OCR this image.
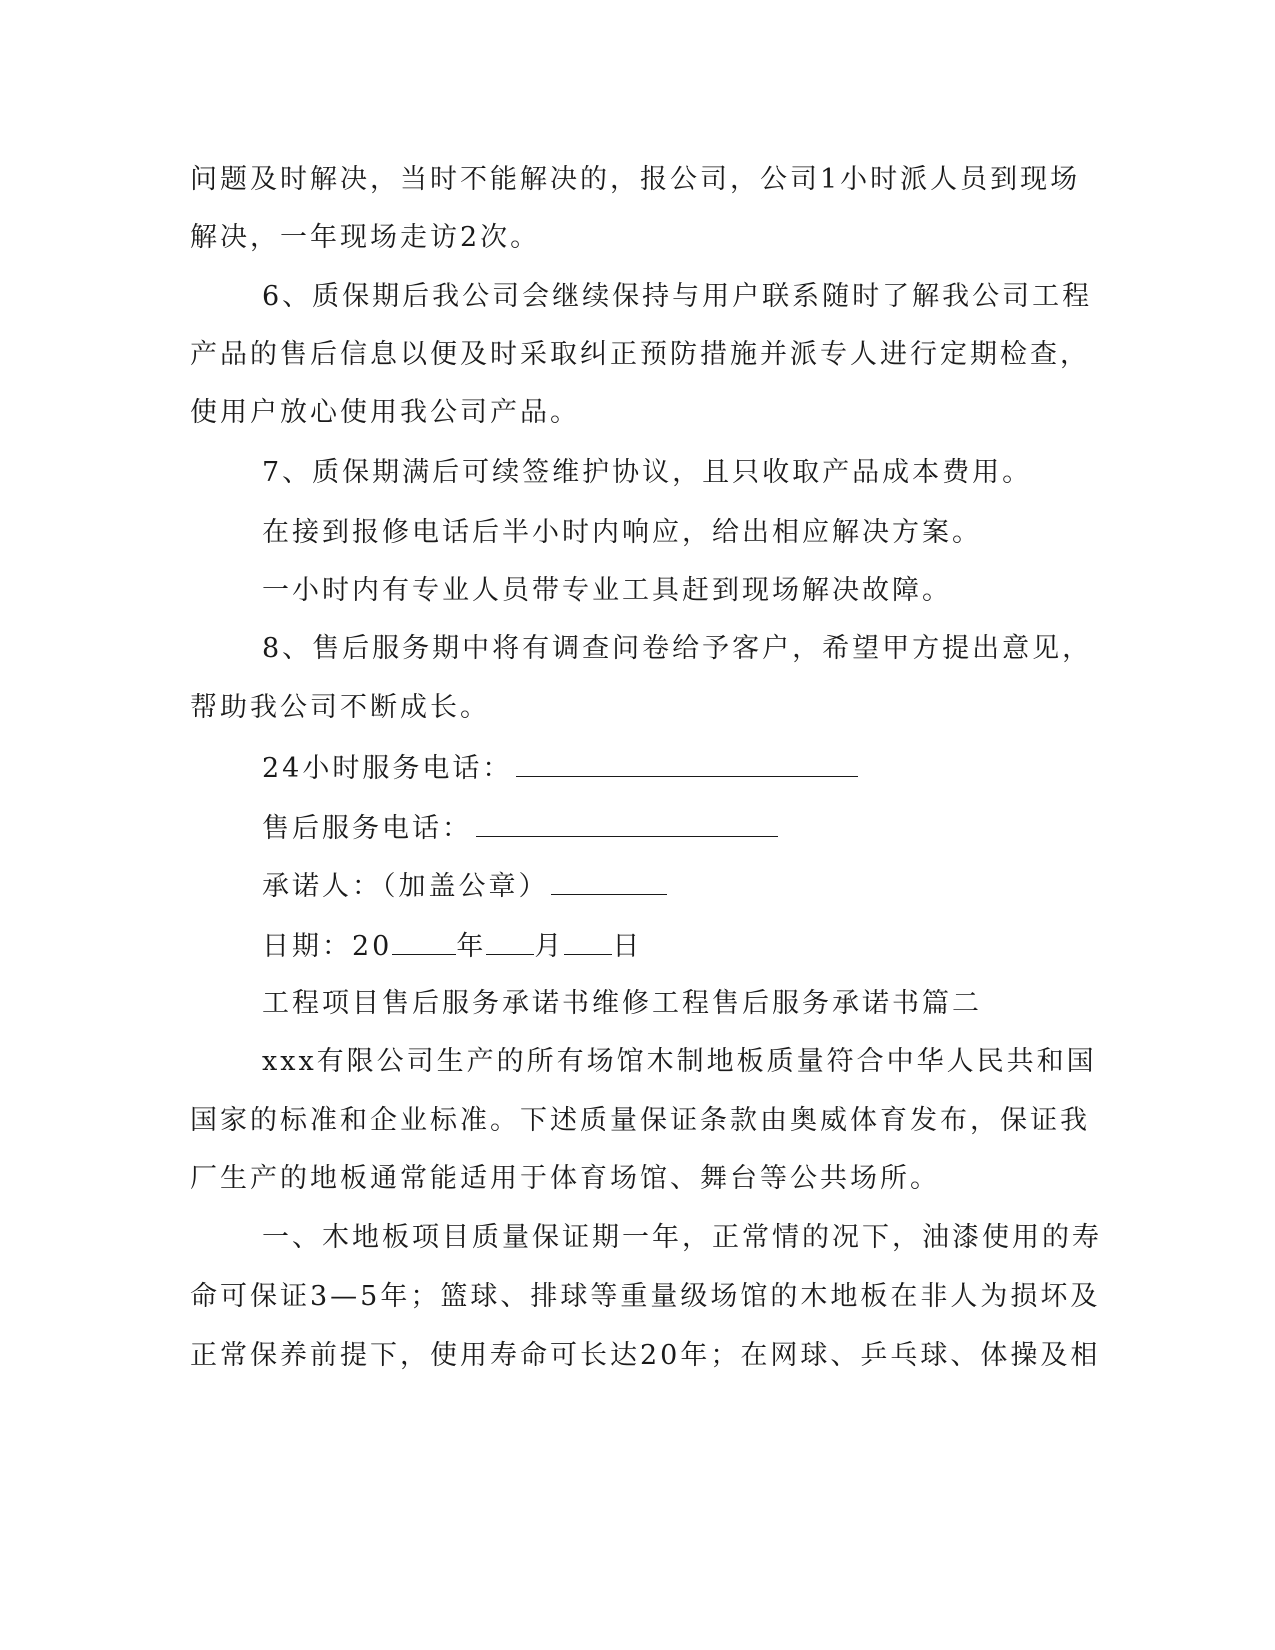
问题及时解决，当时不能解决的，报公司，公司1小时派人员到现场
解决，一年现场走访2次。
6、质保期后我公司会继续保持与用户联系随时了解我公司工程
产品的售后信息以便及时采取纠正预防措施并派专人进行定期检查，
使用户放心使用我公司产品。
7、质保期满后可续签维护协议，且只收取产品成本费用。
在接到报修电话后半小时内响应，给出相应解决方案。
一小时内有专业人员带专业工具赶到现场解决故障。
8、售后服务期中将有调查问卷给予客户，希望甲方提出意见，
帮助我公司不断成长。
24小时服务电话：
售后服务电话：
承诺人：（加盖公章）
日期：20 年 月 日
工程项目售后服务承诺书维修工程售后服务承诺书篇二
xxx有限公司生产的所有场馆木制地板质量符合中华人民共和国
国家的标准和企业标准。下述质量保证条款由奥威体育发布，保证我
厂生产的地板通常能适用于体育场馆、舞台等公共场所。
一、木地板项目质量保证期一年，正常情的况下，油漆使用的寿
命可保证3—5年；篮球、排球等重量级场馆的木地板在非人为损坏及
正常保养前提下，使用寿命可长达20年；在网球、乒乓球、体操及相
